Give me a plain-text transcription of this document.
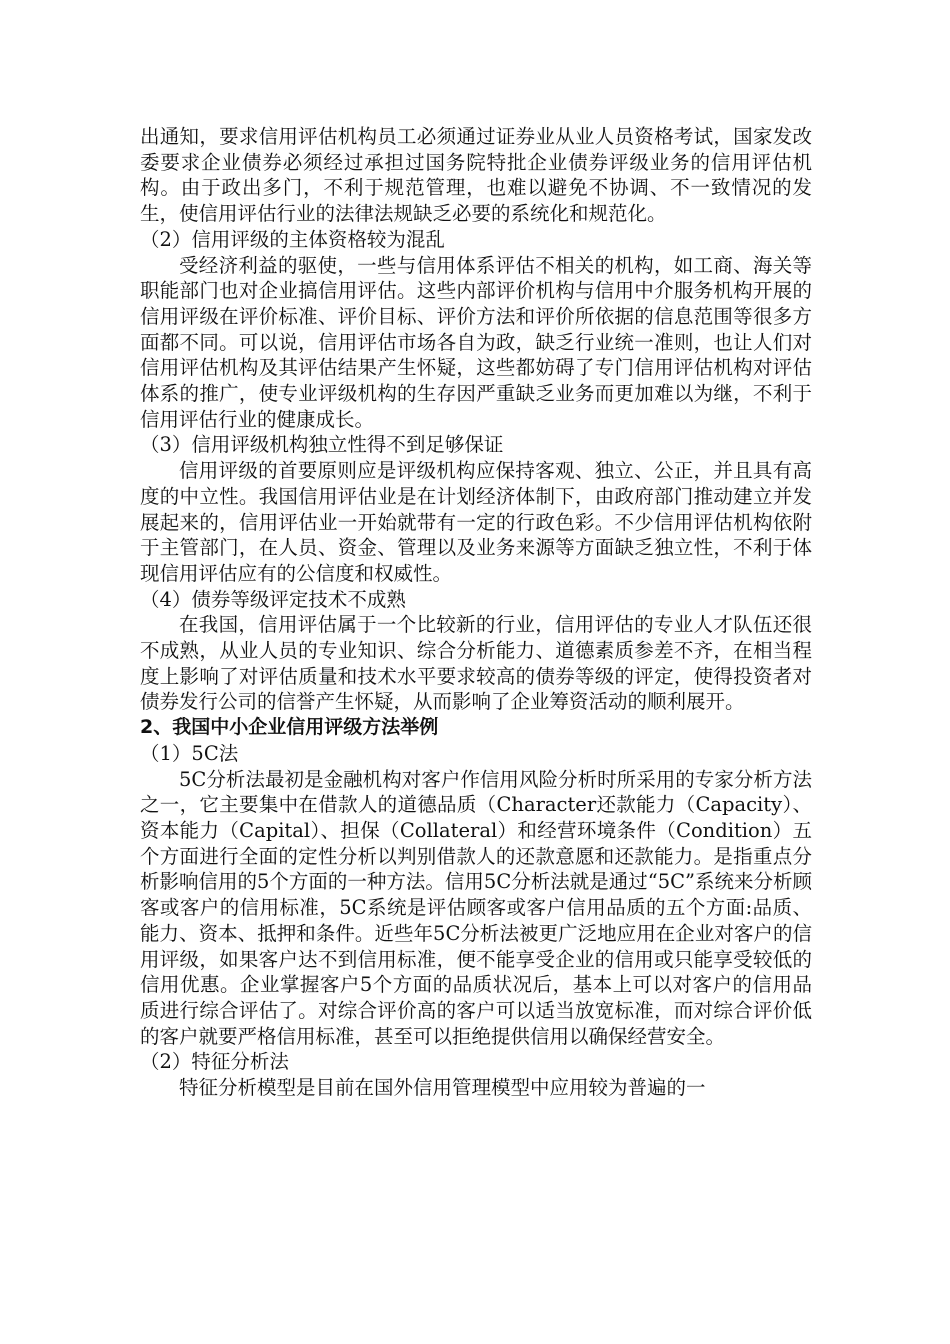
出通知，要求信用评估机构员工必须通过证券业从业人员资格考试，国家发改委要求企业债券必须经过承担过国务院特批企业债券评级业务的信用评估机构。由于政出多门，不利于规范管理，也难以避免不协调、不一致情况的发生，使信用评估行业的法律法规缺乏必要的系统化和规范化。

（2）信用评级的主体资格较为混乱

受经济利益的驱使，一些与信用体系评估不相关的机构，如工商、海关等职能部门也对企业搞信用评估。这些内部评价机构与信用中介服务机构开展的信用评级在评价标准、评价目标、评价方法和评价所依据的信息范围等很多方面都不同。可以说，信用评估市场各自为政，缺乏行业统一准则，也让人们对信用评估机构及其评估结果产生怀疑，这些都妨碍了专门信用评估机构对评估体系的推广，使专业评级机构的生存因严重缺乏业务而更加难以为继，不利于信用评估行业的健康成长。

（3）信用评级机构独立性得不到足够保证

信用评级的首要原则应是评级机构应保持客观、独立、公正，并且具有高度的中立性。我国信用评估业是在计划经济体制下，由政府部门推动建立并发展起来的，信用评估业一开始就带有一定的行政色彩。不少信用评估机构依附于主管部门，在人员、资金、管理以及业务来源等方面缺乏独立性，不利于体现信用评估应有的公信度和权威性。

（4）债券等级评定技术不成熟

在我国，信用评估属于一个比较新的行业，信用评估的专业人才队伍还很不成熟，从业人员的专业知识、综合分析能力、道德素质参差不齐，在相当程度上影响了对评估质量和技术水平要求较高的债券等级的评定，使得投资者对债券发行公司的信誉产生怀疑，从而影响了企业筹资活动的顺利展开。

2、我国中小企业信用评级方法举例

（1）5C法

5C分析法最初是金融机构对客户作信用风险分析时所采用的专家分析方法之一，它主要集中在借款人的道德品质（Character还款能力（Capacity）、资本能力（Capital）、担保（Collateral）和经营环境条件（Condition）五个方面进行全面的定性分析以判别借款人的还款意愿和还款能力。是指重点分析影响信用的5个方面的一种方法。信用5C分析法就是通过“5C”系统来分析顾客或客户的信用标准，5C系统是评估顾客或客户信用品质的五个方面:品质、能力、资本、抵押和条件。近些年5C分析法被更广泛地应用在企业对客户的信用评级，如果客户达不到信用标准，便不能享受企业的信用或只能享受较低的信用优惠。企业掌握客户5个方面的品质状况后，基本上可以对客户的信用品质进行综合评估了。对综合评价高的客户可以适当放宽标准，而对综合评价低的客户就要严格信用标准，甚至可以拒绝提供信用以确保经营安全。

（2）特征分析法

特征分析模型是目前在国外信用管理模型中应用较为普遍的一
